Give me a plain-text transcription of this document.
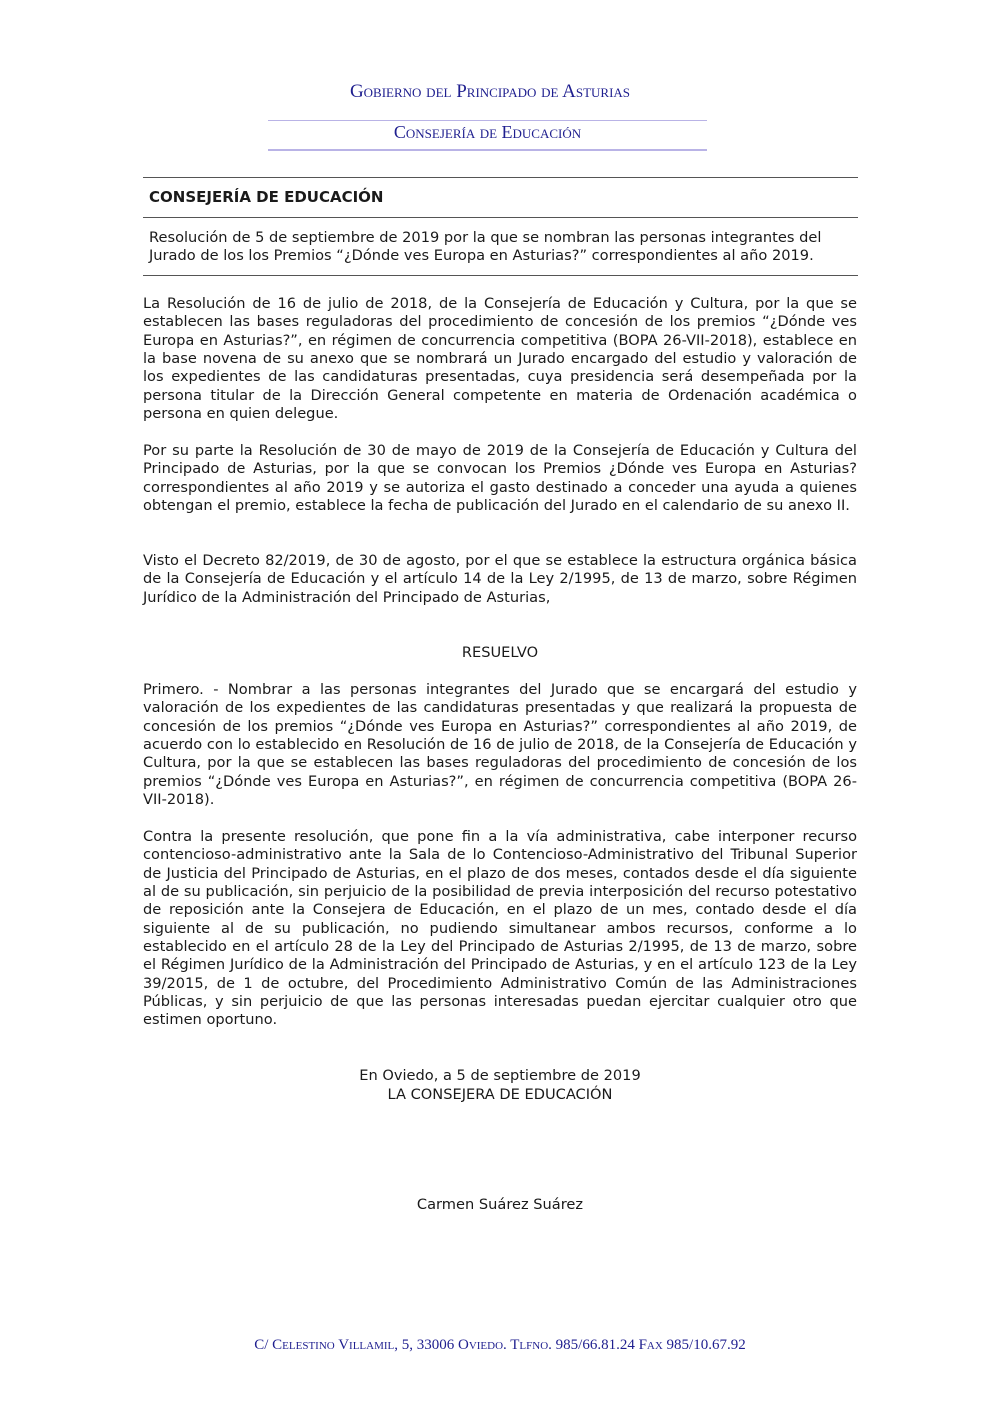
Gobierno del Principado de Asturias
Consejería de Educación
CONSEJERÍA DE EDUCACIÓN
Resolución de 5 de septiembre de 2019 por la que se nombran las personas integrantes del Jurado de los los Premios “¿Dónde ves Europa en Asturias?” correspondientes al año 2019.
La Resolución de 16 de julio de 2018, de la Consejería de Educación y Cultura, por la que se establecen las bases reguladoras del procedimiento de concesión de los premios “¿Dónde ves Europa en Asturias?”, en régimen de concurrencia competitiva (BOPA 26-VII-2018), establece en la base novena de su anexo que se nombrará un Jurado encargado del estudio y valoración de los expedientes de las candidaturas presentadas, cuya presidencia será desempeñada por la persona titular de la Dirección General competente en materia de Ordenación académica o persona en quien delegue.
Por su parte la Resolución de 30 de mayo de 2019 de la Consejería de Educación y Cultura del Principado de Asturias, por la que se convocan los Premios ¿Dónde ves Europa en Asturias? correspondientes al año 2019 y se autoriza el gasto destinado a conceder una ayuda a quienes obtengan el premio, establece la fecha de publicación del Jurado en el calendario de su anexo II.
Visto el Decreto 82/2019, de 30 de agosto, por el que se establece la estructura orgánica básica de la Consejería de Educación y el artículo 14 de la Ley 2/1995, de 13 de marzo, sobre Régimen Jurídico de la Administración del Principado de Asturias,
RESUELVO
Primero. - Nombrar a las personas integrantes del Jurado que se encargará del estudio y valoración de los expedientes de las candidaturas presentadas y que realizará la propuesta de concesión de los premios “¿Dónde ves Europa en Asturias?” correspondientes al año 2019, de acuerdo con lo establecido en Resolución de 16 de julio de 2018, de la Consejería de Educación y Cultura, por la que se establecen las bases reguladoras del procedimiento de concesión de los premios “¿Dónde ves Europa en Asturias?”, en régimen de concurrencia competitiva (BOPA 26-VII-2018).
Contra la presente resolución, que pone fin a la vía administrativa, cabe interponer recurso contencioso-administrativo ante la Sala de lo Contencioso-Administrativo del Tribunal Superior de Justicia del Principado de Asturias, en el plazo de dos meses, contados desde el día siguiente al de su publicación, sin perjuicio de la posibilidad de previa interposición del recurso potestativo de reposición ante la Consejera de Educación, en el plazo de un mes, contado desde el día siguiente al de su publicación, no pudiendo simultanear ambos recursos, conforme a lo establecido en el artículo 28 de la Ley del Principado de Asturias 2/1995, de 13 de marzo, sobre el Régimen Jurídico de la Administración del Principado de Asturias, y en el artículo 123 de la Ley 39/2015, de 1 de octubre, del Procedimiento Administrativo Común de las Administraciones Públicas, y sin perjuicio de que las personas interesadas puedan ejercitar cualquier otro que estimen oportuno.
En Oviedo, a 5 de septiembre de 2019
LA CONSEJERA DE EDUCACIÓN
Carmen Suárez Suárez
C/ Celestino Villamil, 5, 33006 Oviedo. Tlfno. 985/66.81.24 Fax 985/10.67.92
